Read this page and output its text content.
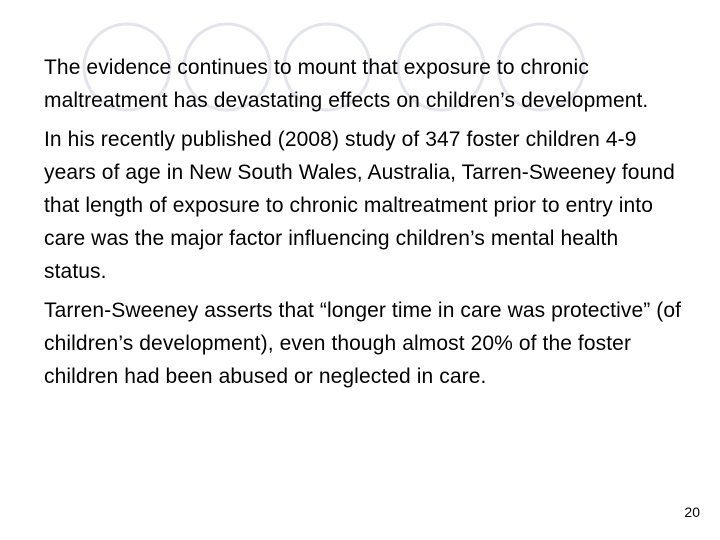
The evidence continues to mount that exposure to chronic maltreatment has devastating effects on children’s development.

In his recently published (2008) study of 347 foster children 4-9 years of age in New South Wales, Australia, Tarren-Sweeney found that length of exposure to chronic maltreatment prior to entry into care was the major factor influencing children’s mental health status.

Tarren-Sweeney asserts that “longer time in care was protective” (of children’s development), even though almost 20% of the foster children had been abused or neglected in care.

20
